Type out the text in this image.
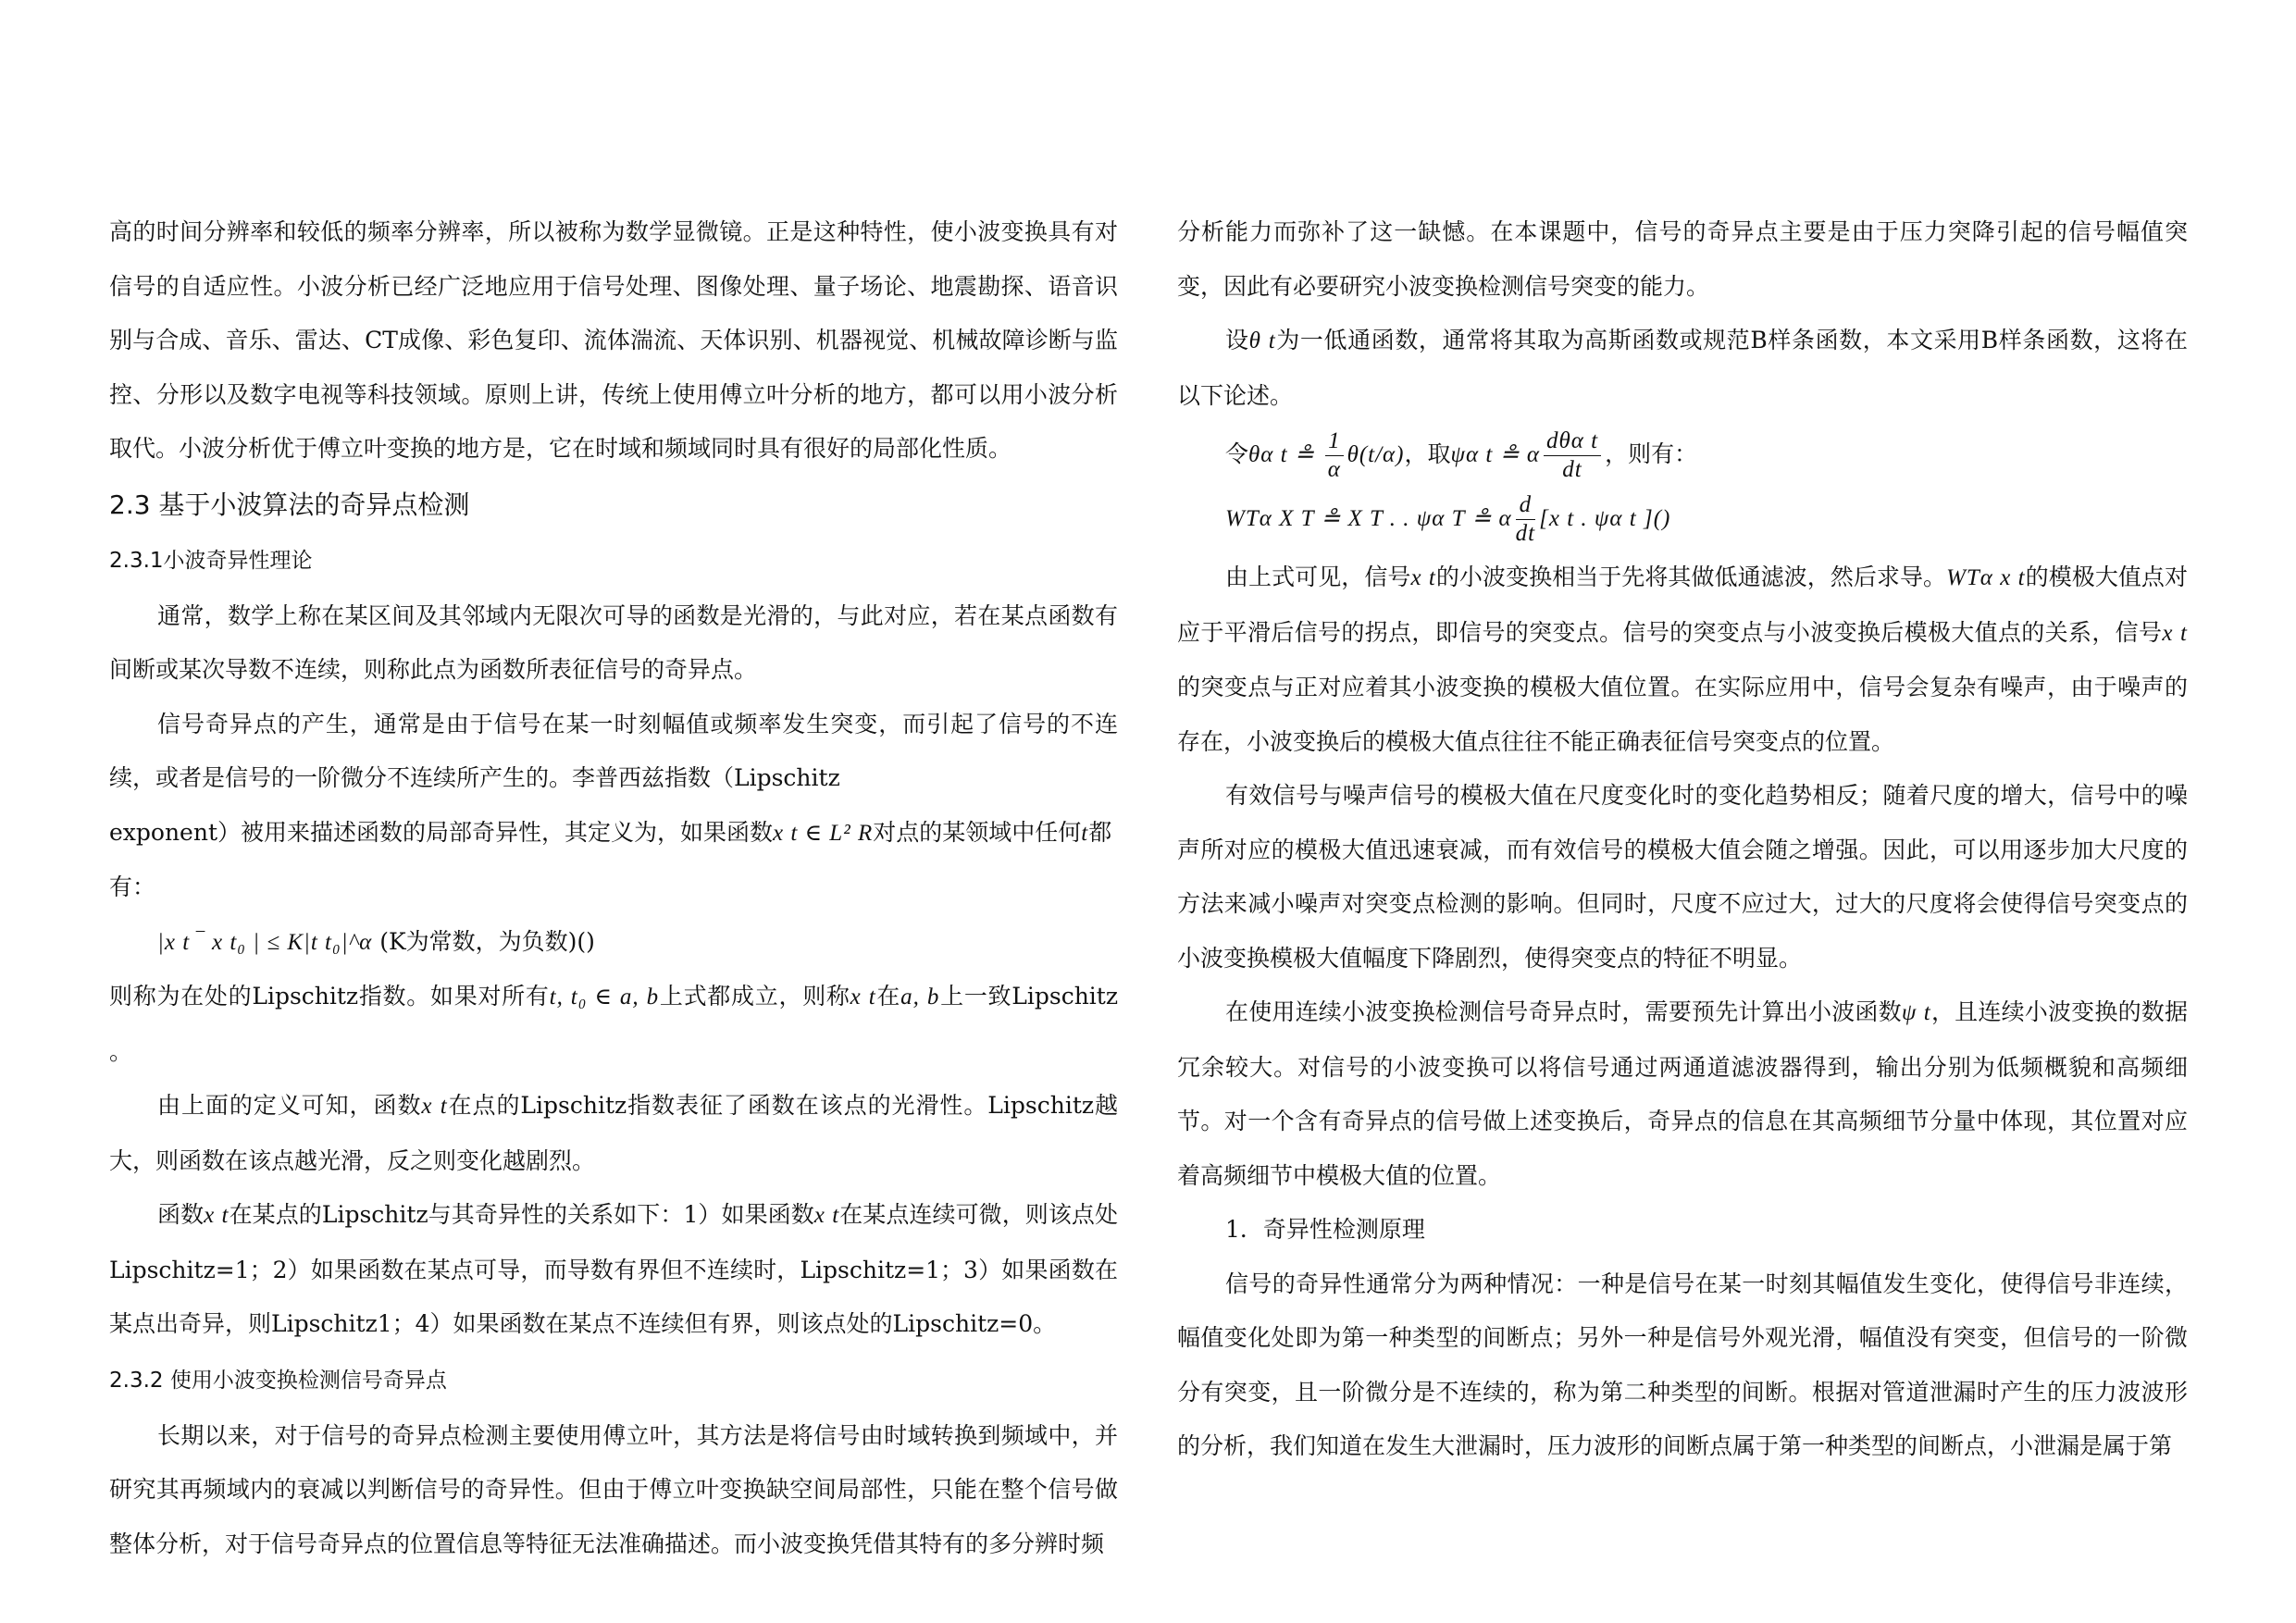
高的时间分辨率和较低的频率分辨率，所以被称为数学显微镜。正是这种特性，使小波变换具有对信号的自适应性。小波分析已经广泛地应用于信号处理、图像处理、量子场论、地震勘探、语音识别与合成、音乐、雷达、CT成像、彩色复印、流体湍流、天体识别、机器视觉、机械故障诊断与监控、分形以及数字电视等科技领域。原则上讲，传统上使用傅立叶分析的地方，都可以用小波分析取代。小波分析优于傅立叶变换的地方是，它在时域和频域同时具有很好的局部化性质。

2.3 基于小波算法的奇异点检测
2.3.1小波奇异性理论

通常，数学上称在某区间及其邻域内无限次可导的函数是光滑的，与此对应，若在某点函数有间断或某次导数不连续，则称此点为函数所表征信号的奇异点。

信号奇异点的产生，通常是由于信号在某一时刻幅值或频率发生突变，而引起了信号的不连续，或者是信号的一阶微分不连续所产生的。李普西兹指数（Lipschitz

exponent）被用来描述函数的局部奇异性，其定义为，如果函数x t ∈ L² R对点的某领域中任何t都

有：

|x t ‾ x t₀ | ≤ K|t t₀|^α (K为常数，为负数)()

则称为在处的Lipschitz指数。如果对所有t, t₀ ∈ a, b上式都成立，则称x t在a, b上一致Lipschitz 。

由上面的定义可知，函数x t在点的Lipschitz指数表征了函数在该点的光滑性。Lipschitz越大，则函数在该点越光滑，反之则变化越剧烈。

函数x t在某点的Lipschitz与其奇异性的关系如下：1）如果函数x t在某点连续可微，则该点处Lipschitz=1；2）如果函数在某点可导，而导数有界但不连续时，Lipschitz=1；3）如果函数在某点出奇异，则Lipschitz1；4）如果函数在某点不连续但有界，则该点处的Lipschitz=0。

2.3.2 使用小波变换检测信号奇异点

长期以来，对于信号的奇异点检测主要使用傅立叶，其方法是将信号由时域转换到频域中，并研究其再频域内的衰减以判断信号的奇异性。但由于傅立叶变换缺空间局部性，只能在整个信号做整体分析，对于信号奇异点的位置信息等特征无法准确描述。而小波变换凭借其特有的多分辨时频

分析能力而弥补了这一缺憾。在本课题中，信号的奇异点主要是由于压力突降引起的信号幅值突变，因此有必要研究小波变换检测信号突变的能力。

设θ t为一低通函数，通常将其取为高斯函数或规范B样条函数，本文采用B样条函数，这将在以下论述。

令θα t ≗ $\frac{1}{\alpha} \theta(t/\alpha)$，取ψα t ≗ α $\frac{\text{dθα t}}{dt}$ ，则有：

WTα X T ≗ X T . . ψα T ≗ α $\frac{d}{dt} [x$ t . ψα t ]()

由上式可见，信号x t的小波变换相当于先将其做低通滤波，然后求导。WTα x t的模极大值点对应于平滑后信号的拐点，即信号的突变点。信号的突变点与小波变换后模极大值点的关系，信号x t的突变点与正对应着其小波变换的模极大值位置。在实际应用中，信号会复杂有噪声，由于噪声的存在，小波变换后的模极大值点往往不能正确表征信号突变点的位置。

有效信号与噪声信号的模极大值在尺度变化时的变化趋势相反；随着尺度的增大，信号中的噪声所对应的模极大值迅速衰减，而有效信号的模极大值会随之增强。因此，可以用逐步加大尺度的方法来减小噪声对突变点检测的影响。但同时，尺度不应过大，过大的尺度将会使得信号突变点的小波变换模极大值幅度下降剧烈，使得突变点的特征不明显。

在使用连续小波变换检测信号奇异点时，需要预先计算出小波函数ψ t，且连续小波变换的数据冗余较大。对信号的小波变换可以将信号通过两通道滤波器得到，输出分别为低频概貌和高频细节。对一个含有奇异点的信号做上述变换后，奇异点的信息在其高频细节分量中体现，其位置对应着高频细节中模极大值的位置。

1．奇异性检测原理

信号的奇异性通常分为两种情况：一种是信号在某一时刻其幅值发生变化，使得信号非连续，幅值变化处即为第一种类型的间断点；另外一种是信号外观光滑，幅值没有突变，但信号的一阶微分有突变，且一阶微分是不连续的，称为第二种类型的间断。根据对管道泄漏时产生的压力波波形的分析，我们知道在发生大泄漏时，压力波形的间断点属于第一种类型的间断点，小泄漏是属于第
